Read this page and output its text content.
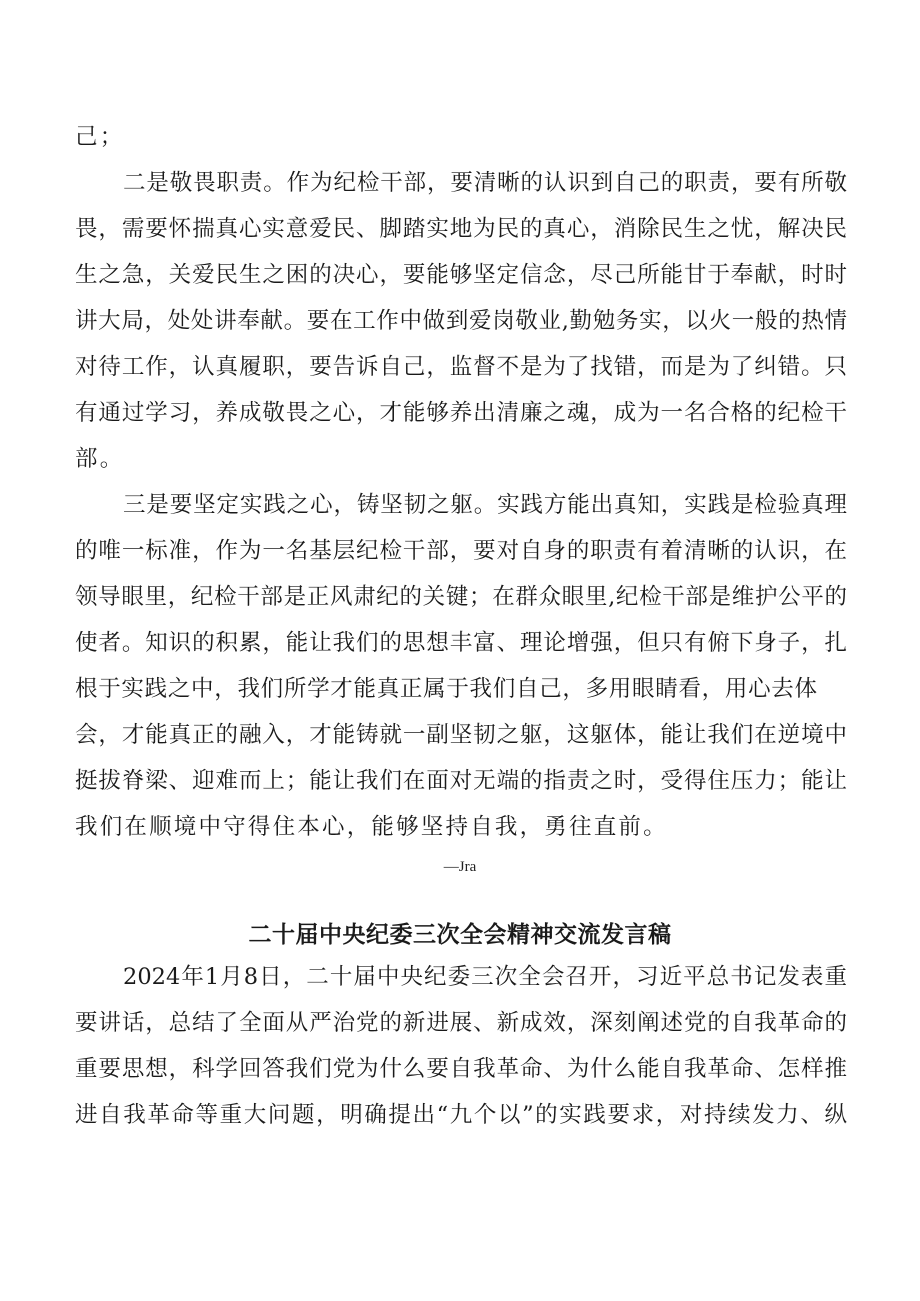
己；
二是敬畏职责。作为纪检干部，要清晰的认识到自己的职责，要有所敬
畏，需要怀揣真心实意爱民、脚踏实地为民的真心，消除民生之忧，解决民
生之急，关爱民生之困的决心，要能够坚定信念，尽己所能甘于奉献，时时
讲大局，处处讲奉献。要在工作中做到爱岗敬业,勤勉务实，以火一般的热情
对待工作，认真履职，要告诉自己，监督不是为了找错，而是为了纠错。只
有通过学习，养成敬畏之心，才能够养出清廉之魂，成为一名合格的纪检干
部。
三是要坚定实践之心，铸坚韧之躯。实践方能出真知，实践是检验真理
的唯一标准，作为一名基层纪检干部，要对自身的职责有着清晰的认识，在
领导眼里，纪检干部是正风肃纪的关键；在群众眼里,纪检干部是维护公平的
使者。知识的积累，能让我们的思想丰富、理论增强，但只有俯下身子，扎
根于实践之中，我们所学才能真正属于我们自己，多用眼睛看，用心去体
会，才能真正的融入，才能铸就一副坚韧之躯，这躯体，能让我们在逆境中
挺拔脊梁、迎难而上；能让我们在面对无端的指责之时，受得住压力；能让
我们在顺境中守得住本心，能够坚持自我，勇往直前。
—Jra
二十届中央纪委三次全会精神交流发言稿
2024年1月8日，二十届中央纪委三次全会召开，习近平总书记发表重
要讲话，总结了全面从严治党的新进展、新成效，深刻阐述党的自我革命的
重要思想，科学回答我们党为什么要自我革命、为什么能自我革命、怎样推
进自我革命等重大问题，明确提出“九个以”的实践要求，对持续发力、纵
